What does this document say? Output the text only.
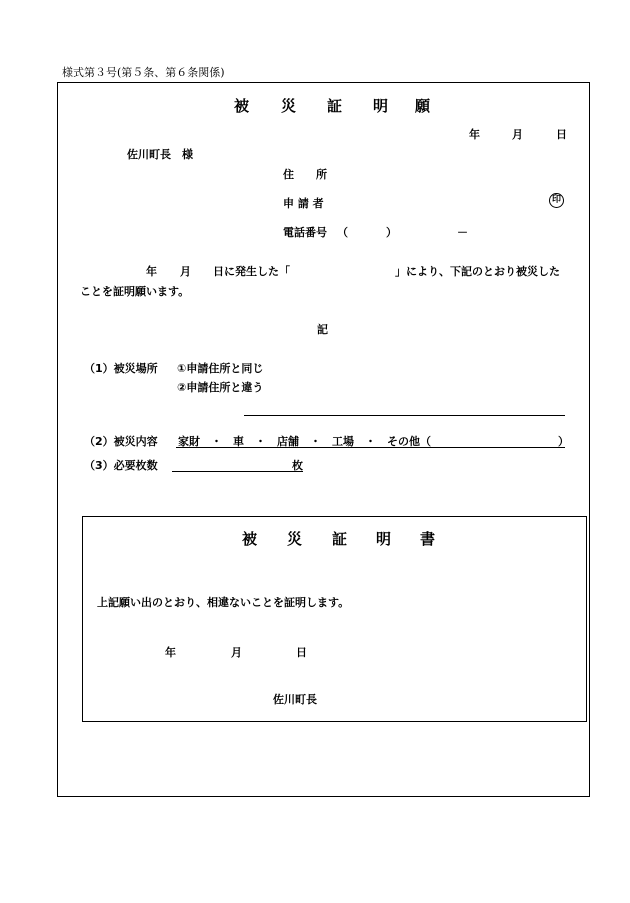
様式第３号(第５条、第６条関係)
被 災 証 明 願
年	月	日
佐川町長　様
住　　所
申 請 者	印
電話番号 （	）	－
年 月 日に発生した「	」により、下記のとおり被災した
ことを証明願います。
記
（1）被災場所 ①申請住所と同じ
②申請住所と違う
（2）被災内容 家財　・　車　・　店舗　・　工場　・　その他（	）
（3）必要枚数	枚
被 災 証 明 書
上記願い出のとおり、相違ないことを証明します。
年	月	日
佐川町長
